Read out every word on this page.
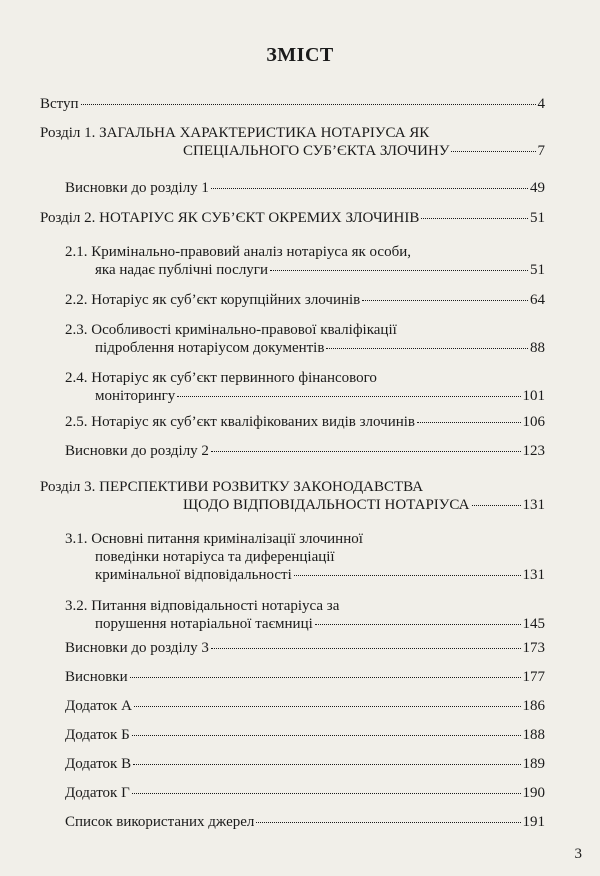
ЗМІСТ
Вступ	4
Розділ 1. ЗАГАЛЬНА ХАРАКТЕРИСТИКА НОТАРІУСА ЯК
СПЕЦІАЛЬНОГО СУБ’ЄКТА ЗЛОЧИНУ	7
Висновки до розділу 1	49
Розділ 2. НОТАРІУС ЯК СУБ’ЄКТ ОКРЕМИХ ЗЛОЧИНІВ	51
2.1. Кримінально-правовий аналіз нотаріуса як особи,
яка надає публічні послуги	51
2.2. Нотаріус як суб’єкт корупційних злочинів	64
2.3. Особливості кримінально-правової кваліфікації
підроблення нотаріусом документів	88
2.4. Нотаріус як суб’єкт первинного фінансового
моніторингу	101
2.5. Нотаріус як суб’єкт кваліфікованих видів злочинів	106
Висновки до розділу 2	123
Розділ 3. ПЕРСПЕКТИВИ РОЗВИТКУ ЗАКОНОДАВСТВА
ЩОДО ВІДПОВІДАЛЬНОСТІ НОТАРІУСА	131
3.1. Основні питання криміналізації злочинної
поведінки нотаріуса та диференціації
кримінальної відповідальності	131
3.2. Питання відповідальності нотаріуса за
порушення нотаріальної таємниці	145
Висновки до розділу 3	173
Висновки	177
Додаток А	186
Додаток Б	188
Додаток В	189
Додаток Г	190
Список використаних джерел	191
3
